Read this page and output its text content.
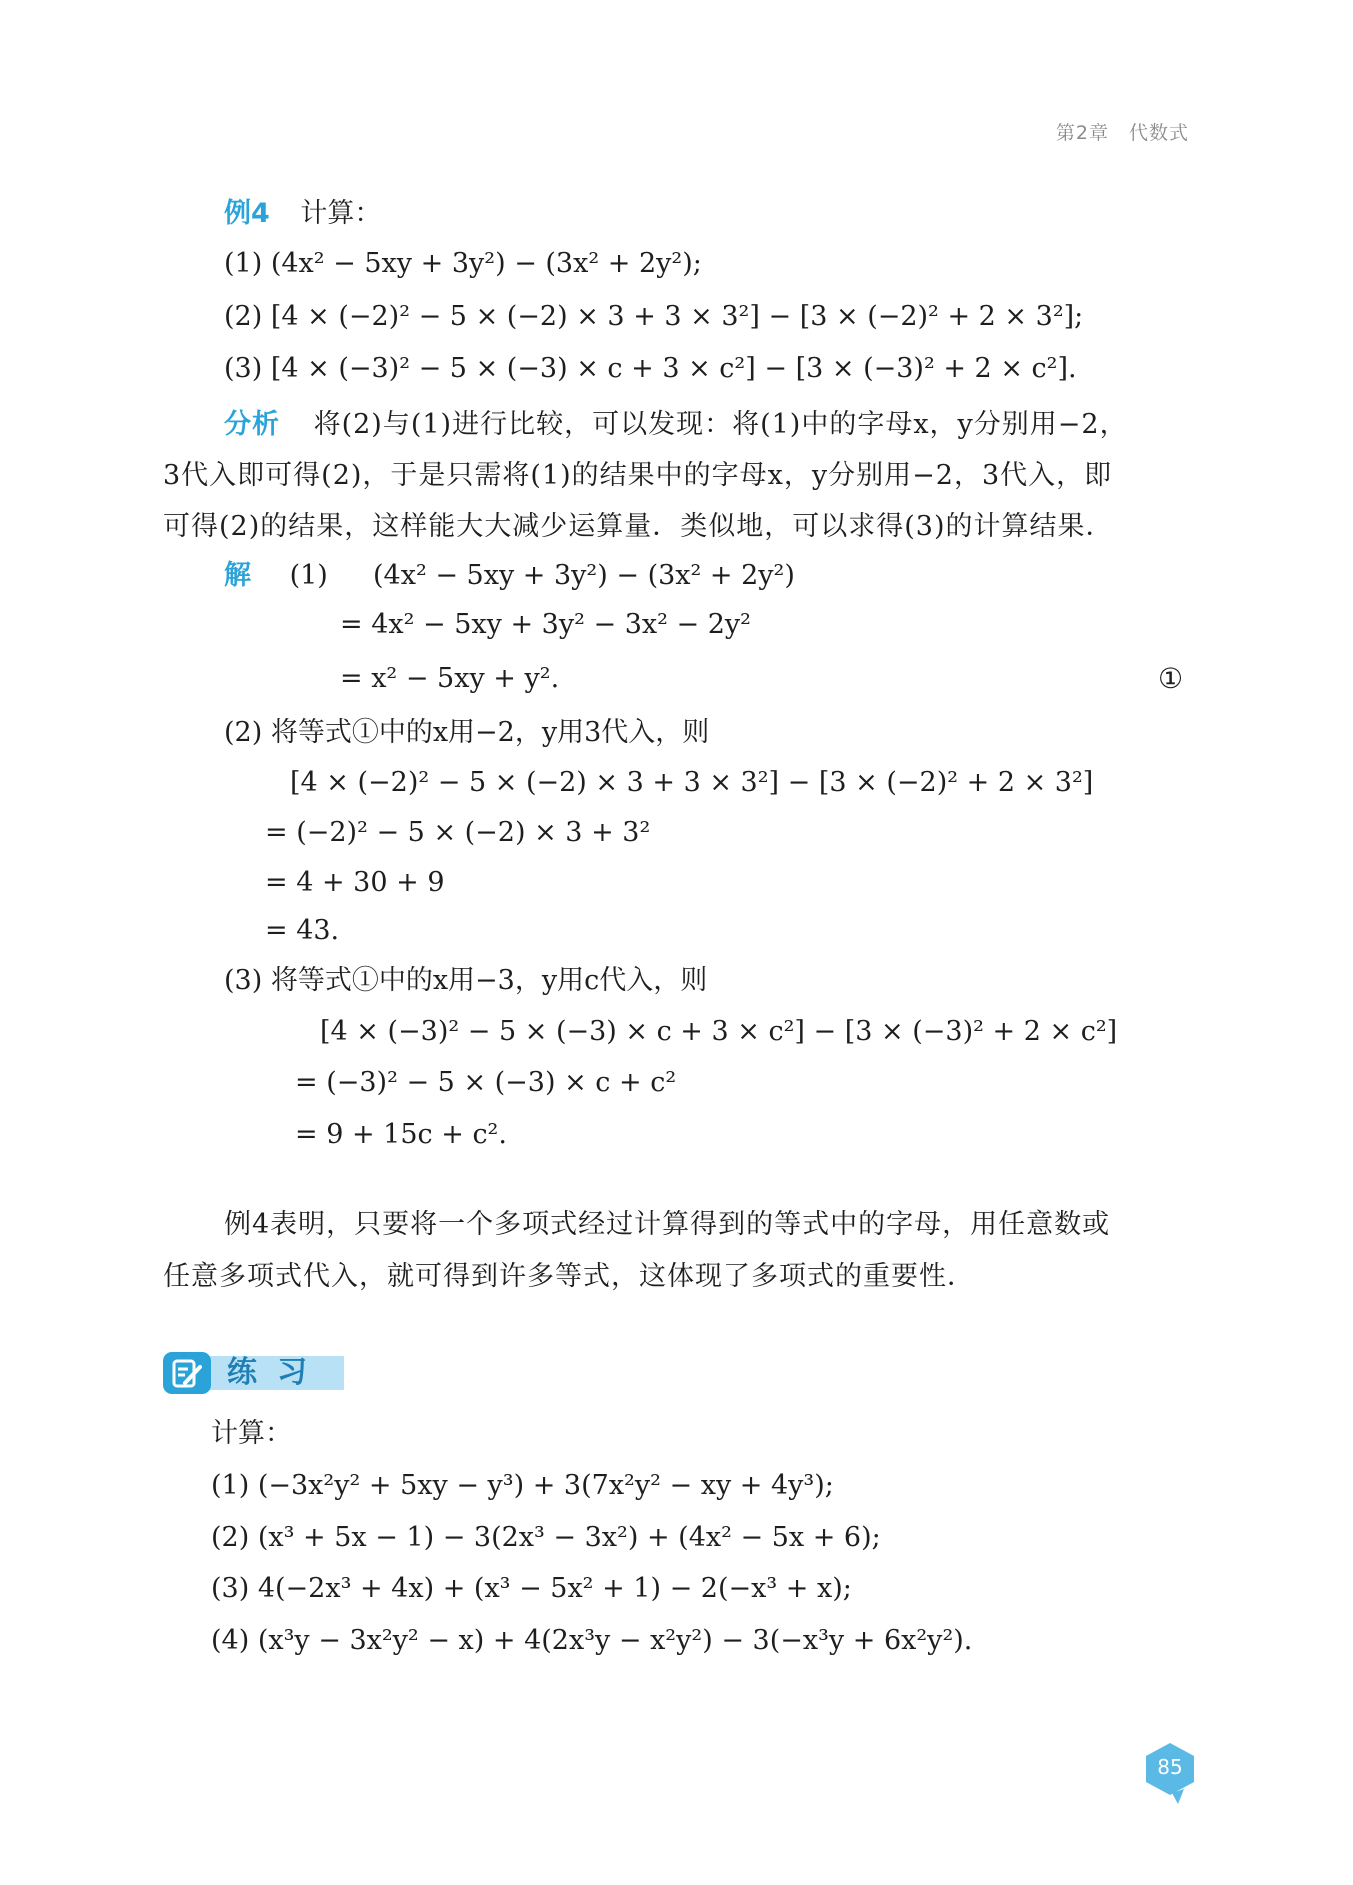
第2章　代数式
例4 计算：
(1) (4x² − 5xy + 3y²) − (3x² + 2y²);
(2) [4 × (−2)² − 5 × (−2) × 3 + 3 × 3²] − [3 × (−2)² + 2 × 3²];
(3) [4 × (−3)² − 5 × (−3) × c + 3 × c²] − [3 × (−3)² + 2 × c²].
分析 将(2)与(1)进行比较，可以发现：将(1)中的字母x，y分别用−2，
3代入即可得(2)，于是只需将(1)的结果中的字母x，y分别用−2，3代入，即
可得(2)的结果，这样能大大减少运算量．类似地，可以求得(3)的计算结果．
解 (1) (4x² − 5xy + 3y²) − (3x² + 2y²)
= 4x² − 5xy + 3y² − 3x² − 2y²
= x² − 5xy + y².	①
(2) 将等式①中的x用−2，y用3代入，则
[4 × (−2)² − 5 × (−2) × 3 + 3 × 3²] − [3 × (−2)² + 2 × 3²]
= (−2)² − 5 × (−2) × 3 + 3²
= 4 + 30 + 9
= 43.
(3) 将等式①中的x用−3，y用c代入，则
[4 × (−3)² − 5 × (−3) × c + 3 × c²] − [3 × (−3)² + 2 × c²]
= (−3)² − 5 × (−3) × c + c²
= 9 + 15c + c².
例4表明，只要将一个多项式经过计算得到的等式中的字母，用任意数或
任意多项式代入，就可得到许多等式，这体现了多项式的重要性．
练习
计算：
(1) (−3x²y² + 5xy − y³) + 3(7x²y² − xy + 4y³);
(2) (x³ + 5x − 1) − 3(2x³ − 3x²) + (4x² − 5x + 6);
(3) 4(−2x³ + 4x) + (x³ − 5x² + 1) − 2(−x³ + x);
(4) (x³y − 3x²y² − x) + 4(2x³y − x²y²) − 3(−x³y + 6x²y²).
85
